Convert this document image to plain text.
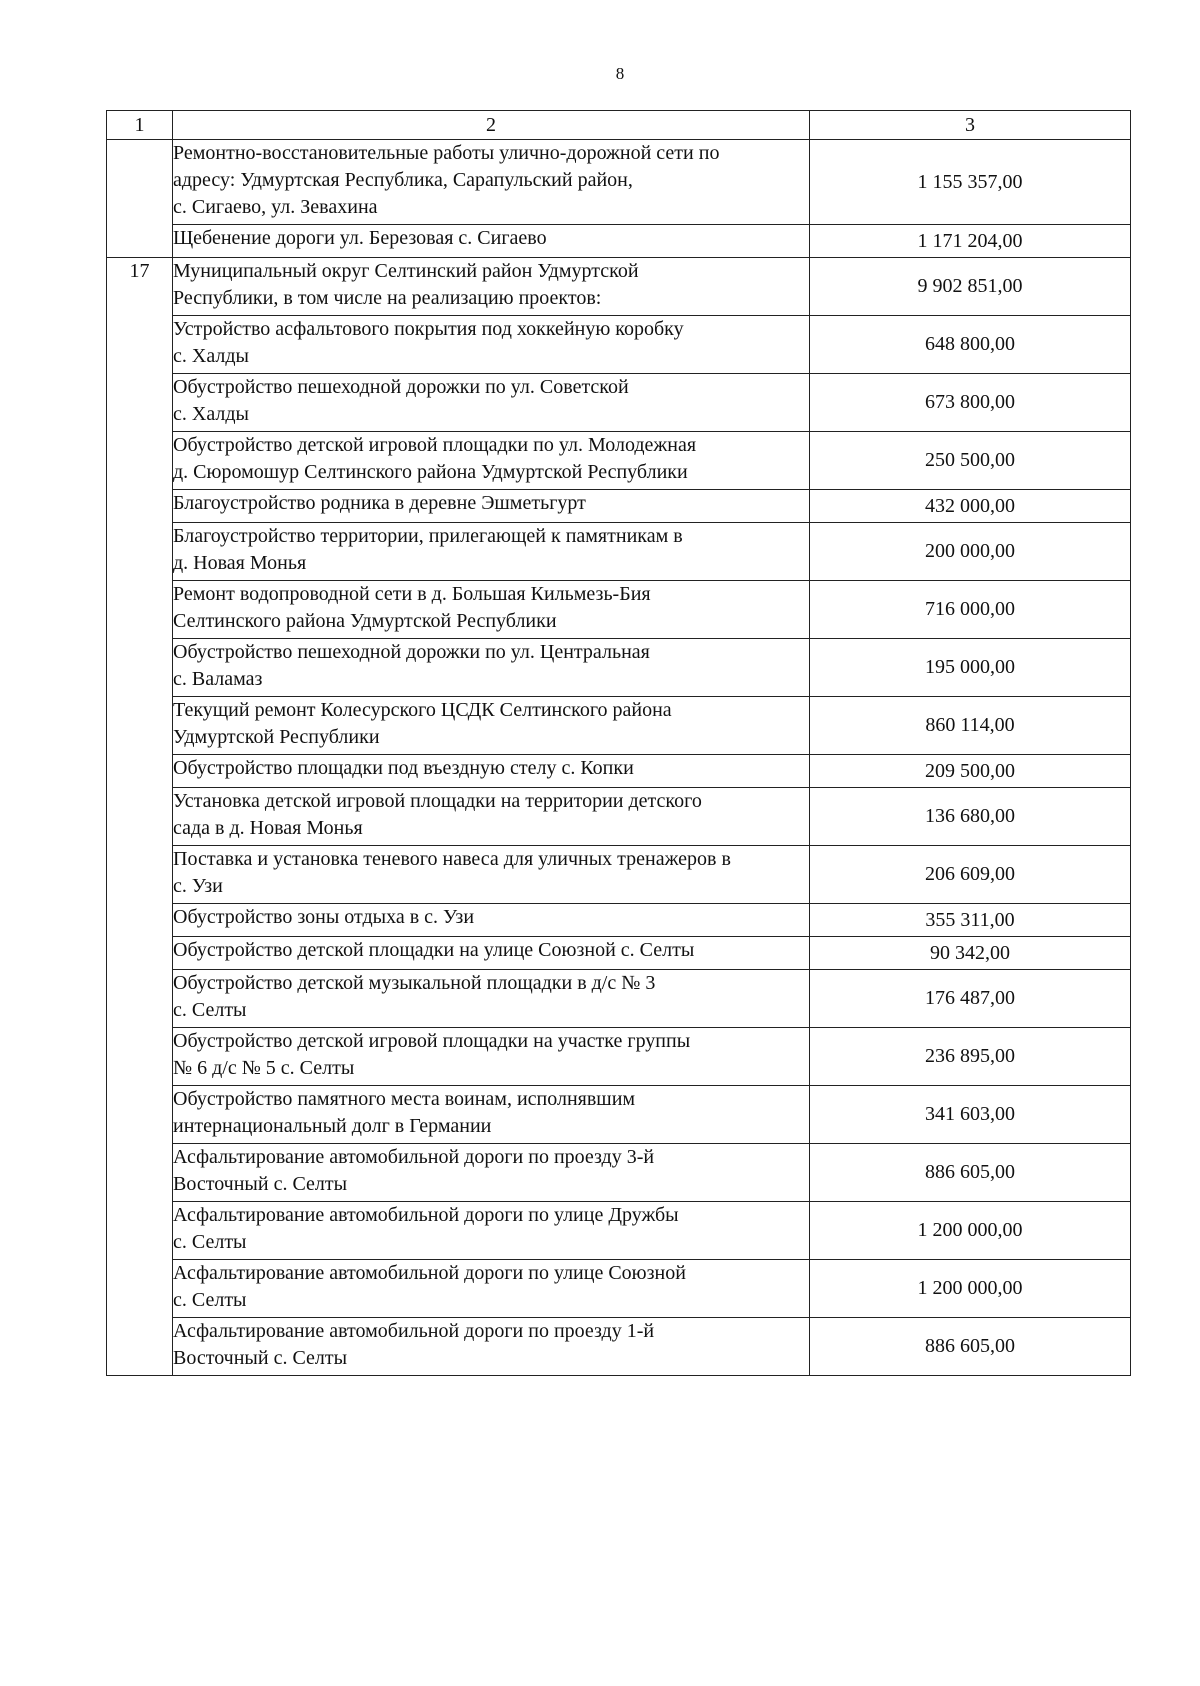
8
1	2	3
	Ремонтно-восстановительные работы улично-дорожной сети по
адресу: Удмуртская Республика, Сарапульский район,
с. Сигаево, ул. Зевахина	1 155 357,00
	Щебенение дороги ул. Березовая с. Сигаево	1 171 204,00
17	Муниципальный округ Селтинский район Удмуртской
Республики, в том числе на реализацию проектов:	9 902 851,00
	Устройство асфальтового покрытия под хоккейную коробку
с. Халды	648 800,00
	Обустройство пешеходной дорожки по ул. Советской
с. Халды	673 800,00
	Обустройство детской игровой площадки по ул. Молодежная
д. Сюромошур Селтинского района Удмуртской Республики	250 500,00
	Благоустройство родника в деревне Эшметьгурт	432 000,00
	Благоустройство территории, прилегающей к памятникам в
д. Новая Монья	200 000,00
	Ремонт водопроводной сети в д. Большая Кильмезь-Бия
Селтинского района Удмуртской Республики	716 000,00
	Обустройство пешеходной дорожки по ул. Центральная
с. Валамаз	195 000,00
	Текущий ремонт Колесурского ЦСДК Селтинского района
Удмуртской Республики	860 114,00
	Обустройство площадки под въездную стелу с. Копки	209 500,00
	Установка детской игровой площадки на территории детского
сада в д. Новая Монья	136 680,00
	Поставка и установка теневого навеса для уличных тренажеров в
с. Узи	206 609,00
	Обустройство зоны отдыха в с. Узи	355 311,00
	Обустройство детской площадки на улице Союзной с. Селты	90 342,00
	Обустройство детской музыкальной площадки в д/с № 3
с. Селты	176 487,00
	Обустройство детской игровой площадки на участке группы
№ 6 д/с № 5 с. Селты	236 895,00
	Обустройство памятного места воинам, исполнявшим
интернациональный долг в Германии	341 603,00
	Асфальтирование автомобильной дороги по проезду 3-й
Восточный с. Селты	886 605,00
	Асфальтирование автомобильной дороги по улице Дружбы
с. Селты	1 200 000,00
	Асфальтирование автомобильной дороги по улице Союзной
с. Селты	1 200 000,00
	Асфальтирование автомобильной дороги по проезду 1-й
Восточный с. Селты	886 605,00
